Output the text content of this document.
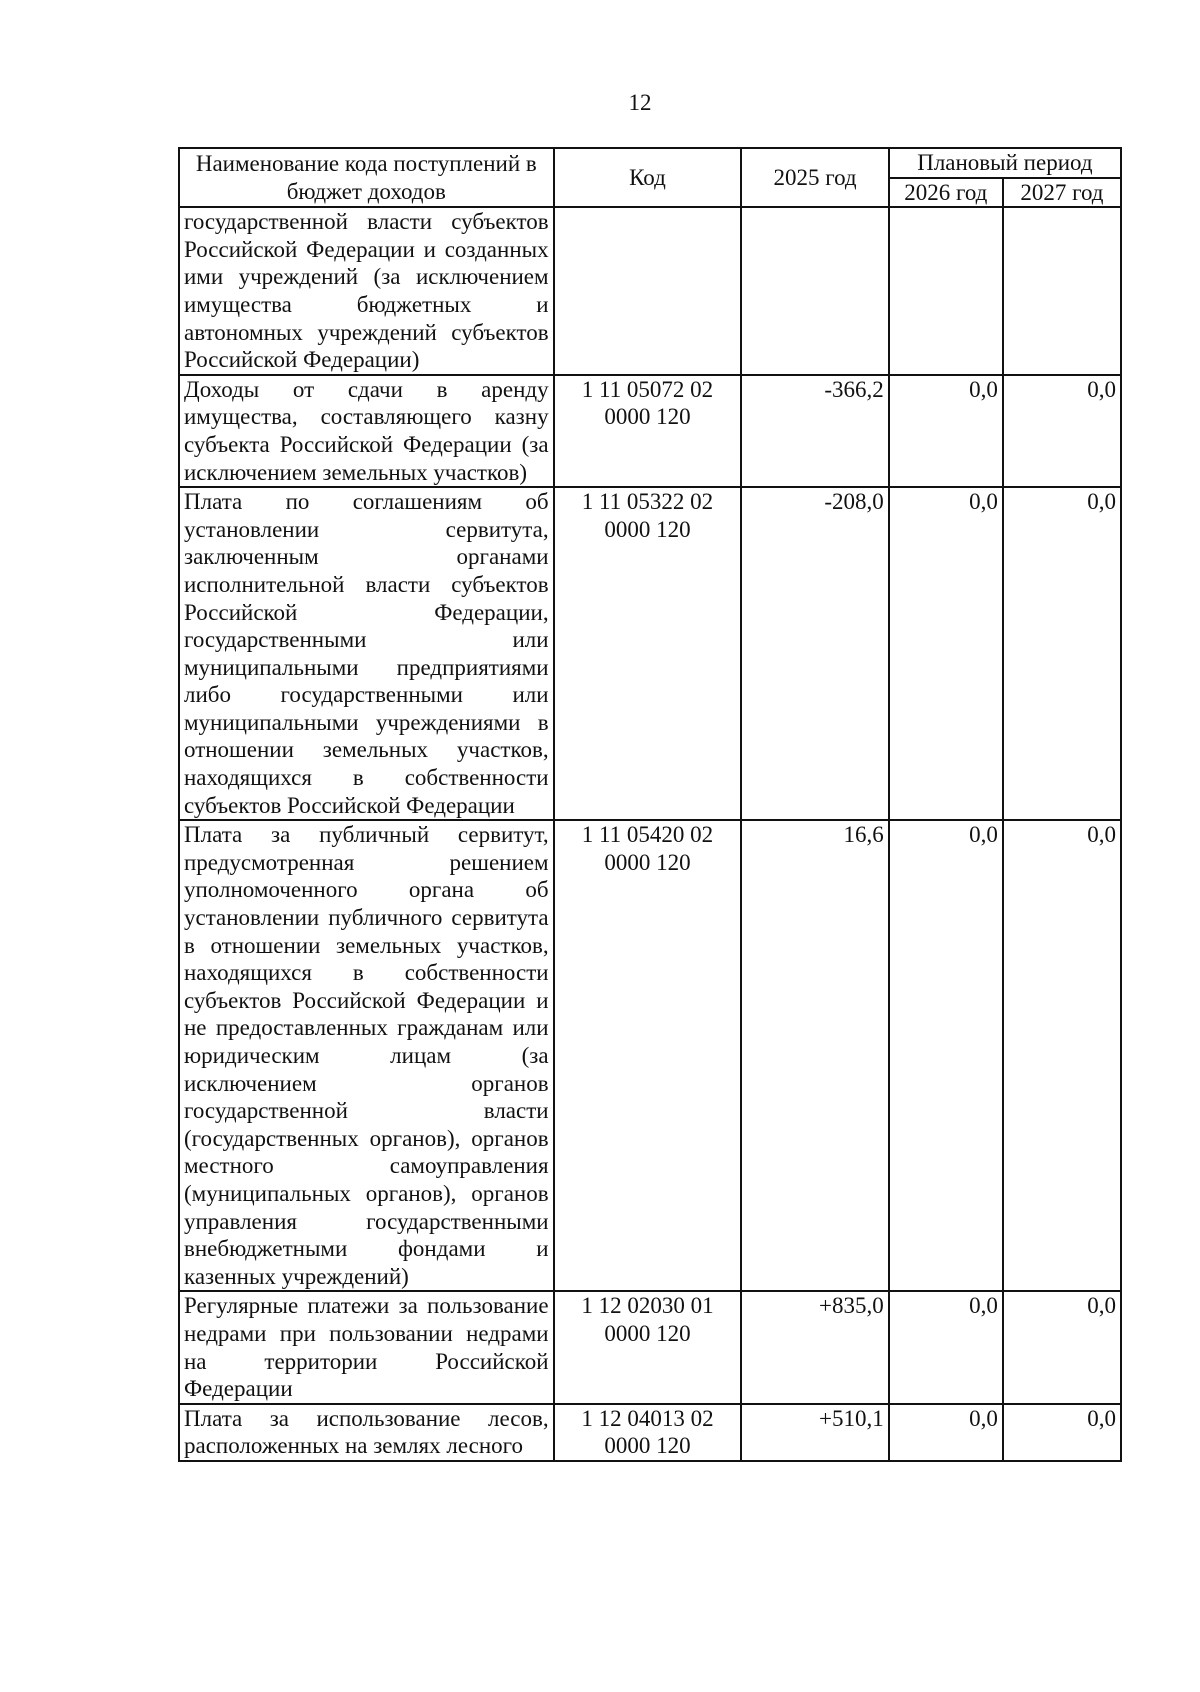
12
Наименование кода поступлений в бюджет доходов	Код	2025 год	Плановый период	
			2026 год	2027 год
государственной власти субъектов Российской Федерации и созданных ими учреждений (за исключением имущества бюджетных и автономных учреждений субъектов Российской Федерации)				
Доходы от сдачи в аренду имущества, составляющего казну субъекта Российской Федерации (за исключением земельных участков)	1 11 05072 02 0000 120	-366,2	0,0	0,0
Плата по соглашениям об установлении сервитута, заключенным органами исполнительной власти субъектов Российской Федерации, государственными или муниципальными предприятиями либо государственными или муниципальными учреждениями в отношении земельных участков, находящихся в собственности субъектов Российской Федерации	1 11 05322 02 0000 120	-208,0	0,0	0,0
Плата за публичный сервитут, предусмотренная решением уполномоченного органа об установлении публичного сервитута в отношении земельных участков, находящихся в собственности субъектов Российской Федерации и не предоставленных гражданам или юридическим лицам (за исключением органов государственной власти (государственных органов), органов местного самоуправления (муниципальных органов), органов управления государственными внебюджетными фондами и казенных учреждений)	1 11 05420 02 0000 120	16,6	0,0	0,0
Регулярные платежи за пользование недрами при пользовании недрами на территории Российской Федерации	1 12 02030 01 0000 120	+835,0	0,0	0,0
Плата за использование лесов, расположенных на землях лесного	1 12 04013 02 0000 120	+510,1	0,0	0,0
